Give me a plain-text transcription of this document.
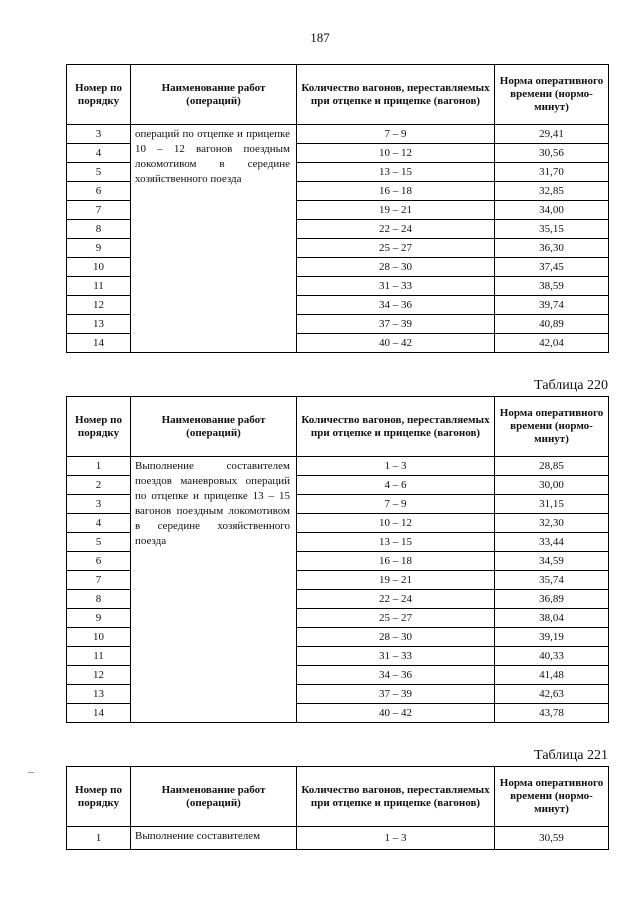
187
Номер по порядку	Наименование работ (операций)	Количество вагонов, переставляемых при отцепке и прицепке (вагонов)	Норма оперативного времени (нормо-минут)
3	операций по отцепке и прицепке 10 – 12 вагонов поездным локомотивом в середине хозяйственного поезда	7 – 9	29,41
4		10 – 12	30,56
5		13 – 15	31,70
6		16 – 18	32,85
7		19 – 21	34,00
8		22 – 24	35,15
9		25 – 27	36,30
10		28 – 30	37,45
11		31 – 33	38,59
12		34 – 36	39,74
13		37 – 39	40,89
14		40 – 42	42,04
Таблица 220
Номер по порядку	Наименование работ (операций)	Количество вагонов, переставляемых при отцепке и прицепке (вагонов)	Норма оперативного времени (нормо-минут)
1	Выполнение составителем поездов маневровых операций по отцепке и прицепке 13 – 15 вагонов поездным локомотивом в середине хозяйственного поезда	1 – 3	28,85
2		4 – 6	30,00
3		7 – 9	31,15
4		10 – 12	32,30
5		13 – 15	33,44
6		16 – 18	34,59
7		19 – 21	35,74
8		22 – 24	36,89
9		25 – 27	38,04
10		28 – 30	39,19
11		31 – 33	40,33
12		34 – 36	41,48
13		37 – 39	42,63
14		40 – 42	43,78
Таблица 221
Номер по порядку	Наименование работ (операций)	Количество вагонов, переставляемых при отцепке и прицепке (вагонов)	Норма оперативного времени (нормо-минут)
1	Выполнение составителем	1 – 3	30,59
